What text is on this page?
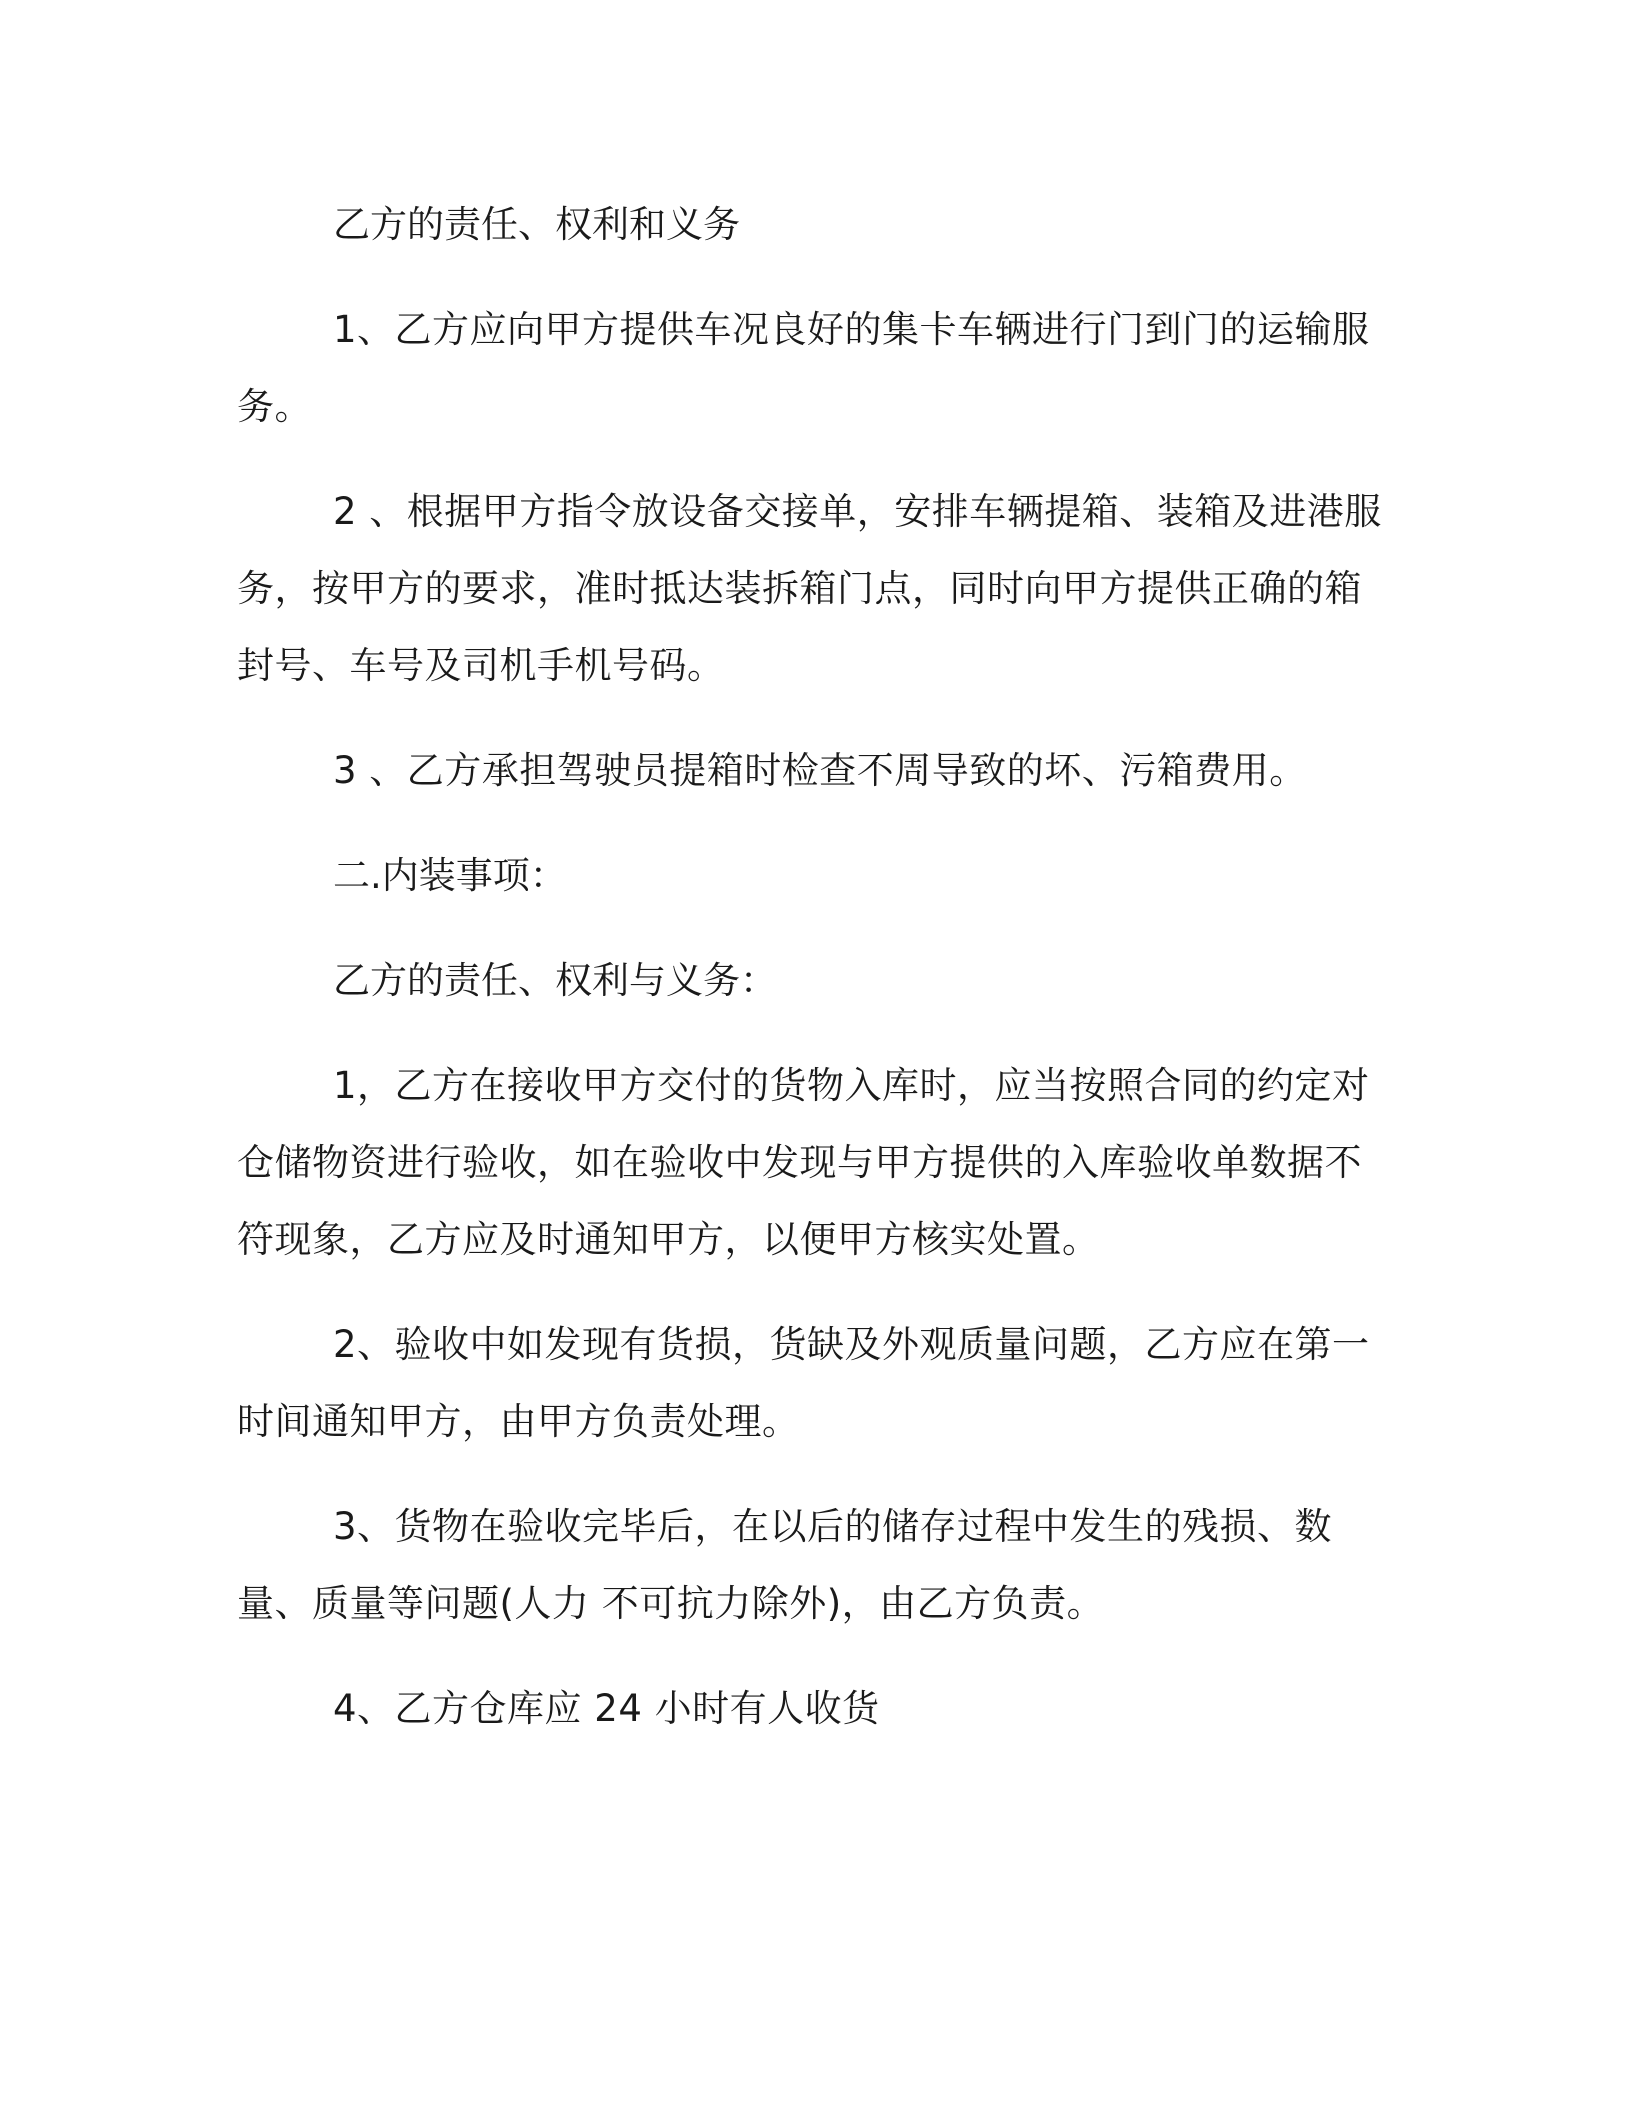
乙方的责任、权利和义务

1、乙方应向甲方提供车况良好的集卡车辆进行门到门的运输服务。

2 、根据甲方指令放设备交接单，安排车辆提箱、装箱及进港服务，按甲方的要求，准时抵达装拆箱门点，同时向甲方提供正确的箱封号、车号及司机手机号码。

3 、乙方承担驾驶员提箱时检查不周导致的坏、污箱费用。

二.内装事项：

乙方的责任、权利与义务：

1，乙方在接收甲方交付的货物入库时，应当按照合同的约定对仓储物资进行验收，如在验收中发现与甲方提供的入库验收单数据不符现象，乙方应及时通知甲方，以便甲方核实处置。

2、验收中如发现有货损，货缺及外观质量问题，乙方应在第一时间通知甲方，由甲方负责处理。

3、货物在验收完毕后，在以后的储存过程中发生的残损、数量、质量等问题(人力 不可抗力除外)，由乙方负责。

4、乙方仓库应 24 小时有人收货
